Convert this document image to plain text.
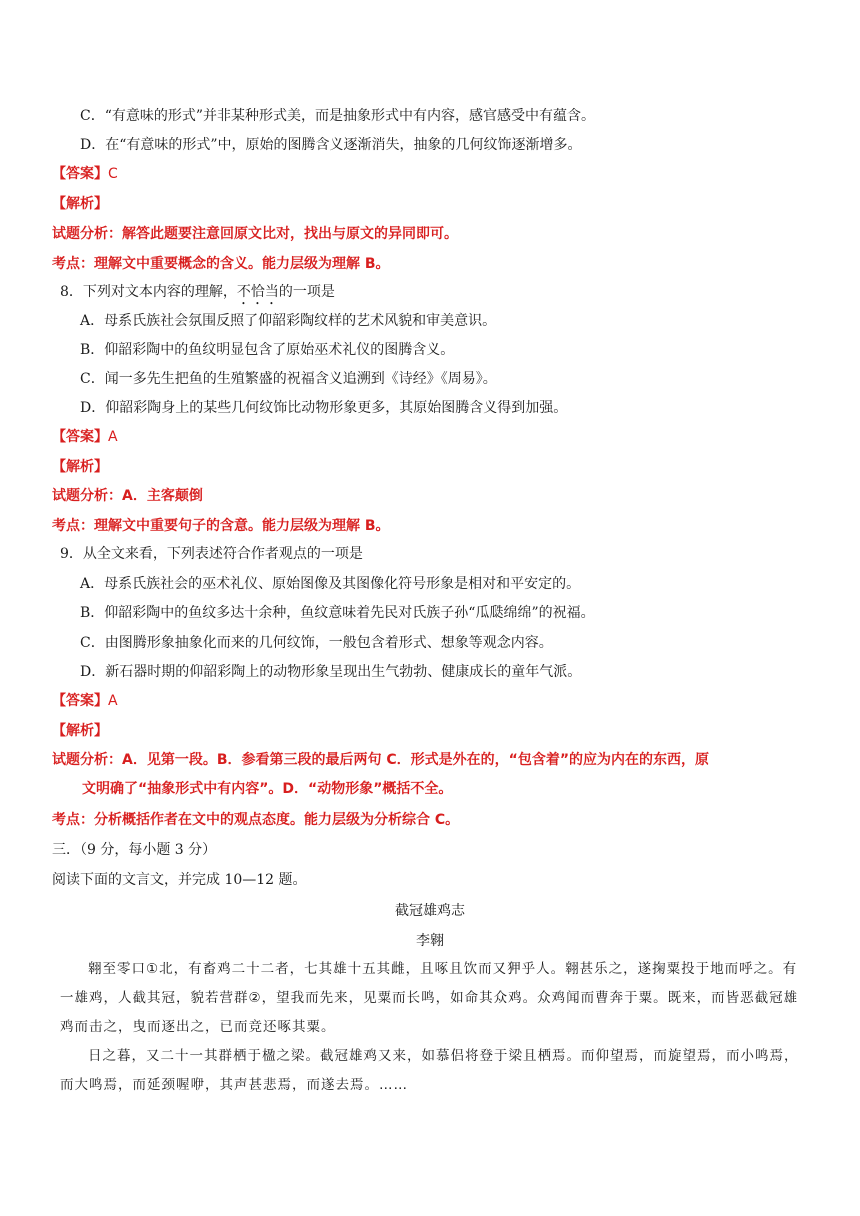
C．“有意味的形式”并非某种形式美，而是抽象形式中有内容，感官感受中有蕴含。
D．在“有意味的形式”中，原始的图腾含义逐渐消失，抽象的几何纹饰逐渐增多。
【答案】C
【解析】
试题分析：解答此题要注意回原文比对，找出与原文的异同即可。
考点：理解文中重要概念的含义。能力层级为理解 B。
8．下列对文本内容的理解，不恰当的一项是
A．母系氏族社会氛围反照了仰韶彩陶纹样的艺术风貌和审美意识。
B．仰韶彩陶中的鱼纹明显包含了原始巫术礼仪的图腾含义。
C．闻一多先生把鱼的生殖繁盛的祝福含义追溯到《诗经》《周易》。
D．仰韶彩陶身上的某些几何纹饰比动物形象更多，其原始图腾含义得到加强。
【答案】A
【解析】
试题分析：A．主客颠倒
考点：理解文中重要句子的含意。能力层级为理解 B。
9．从全文来看，下列表述符合作者观点的一项是
A．母系氏族社会的巫术礼仪、原始图像及其图像化符号形象是相对和平安定的。
B．仰韶彩陶中的鱼纹多达十余种，鱼纹意味着先民对氏族子孙“瓜瓞绵绵”的祝福。
C．由图腾形象抽象化而来的几何纹饰，一般包含着形式、想象等观念内容。
D．新石器时期的仰韶彩陶上的动物形象呈现出生气勃勃、健康成长的童年气派。
【答案】A
【解析】
试题分析：A．见第一段。B．参看第三段的最后两句 C．形式是外在的，“包含着”的应为内在的东西，原
文明确了“抽象形式中有内容”。D．“动物形象”概括不全。
考点：分析概括作者在文中的观点态度。能力层级为分析综合 C。
三．（9 分，每小题 3 分）
阅读下面的文言文，并完成 10—12 题。
截冠雄鸡志
李翱
翱至零口①北，有畜鸡二十二者，七其雄十五其雌，且啄且饮而又狎乎人。翱甚乐之，遂掬粟投于地而呼之。有一雄鸡，人截其冠，貌若营群②，望我而先来，见粟而长鸣，如命其众鸡。众鸡闻而曹奔于粟。既来，而皆恶截冠雄鸡而击之，曳而逐出之，已而竞还啄其粟。
日之暮，又二十一其群栖于楹之梁。截冠雄鸡又来，如慕侣将登于梁且栖焉。而仰望焉，而旋望焉，而小鸣焉，而大鸣焉，而延颈喔咿，其声甚悲焉，而遂去焉。……
